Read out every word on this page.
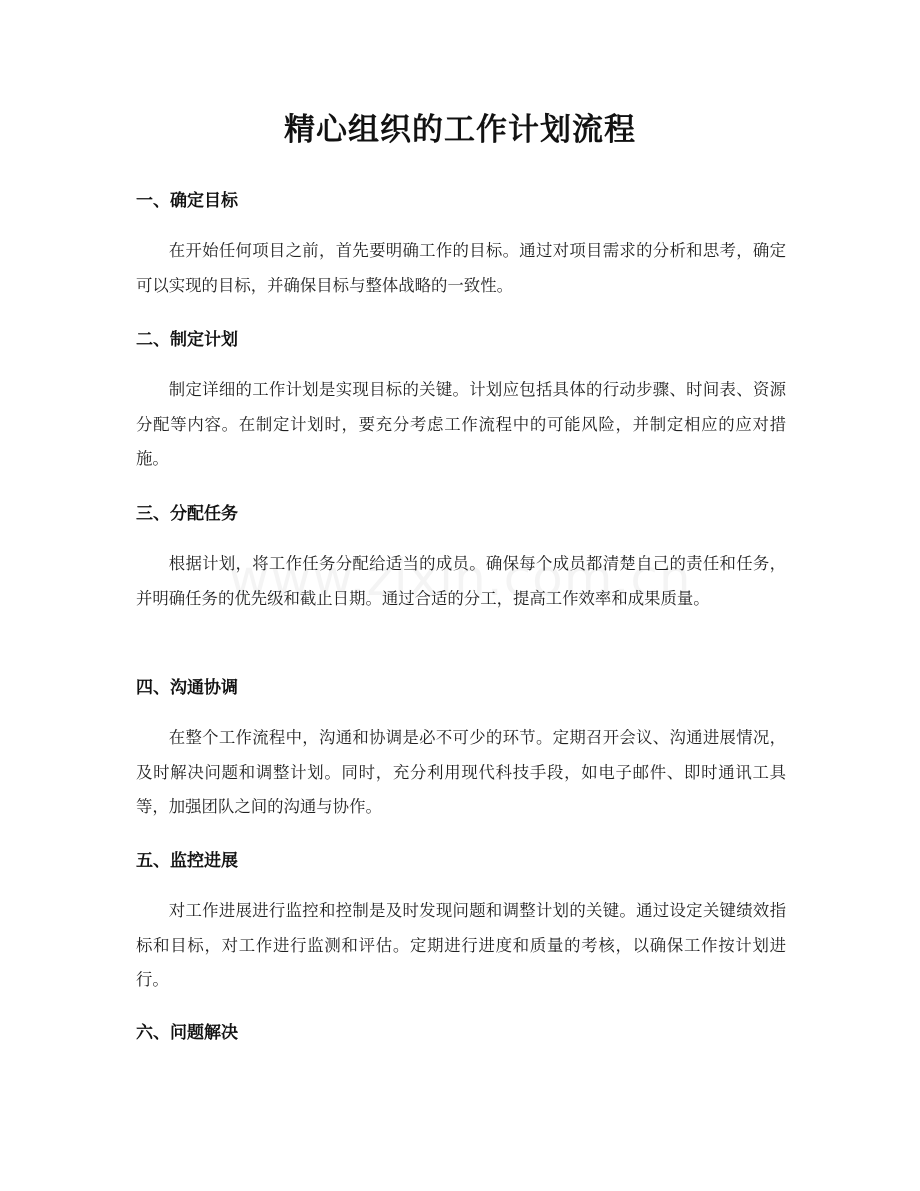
精心组织的工作计划流程
一、确定目标

在开始任何项目之前，首先要明确工作的目标。通过对项目需求的分析和思考，确定可以实现的目标，并确保目标与整体战略的一致性。

二、制定计划

制定详细的工作计划是实现目标的关键。计划应包括具体的行动步骤、时间表、资源分配等内容。在制定计划时，要充分考虑工作流程中的可能风险，并制定相应的应对措施。

三、分配任务

根据计划，将工作任务分配给适当的成员。确保每个成员都清楚自己的责任和任务，并明确任务的优先级和截止日期。通过合适的分工，提高工作效率和成果质量。

四、沟通协调

在整个工作流程中，沟通和协调是必不可少的环节。定期召开会议、沟通进展情况，及时解决问题和调整计划。同时，充分利用现代科技手段，如电子邮件、即时通讯工具等，加强团队之间的沟通与协作。

五、监控进展

对工作进展进行监控和控制是及时发现问题和调整计划的关键。通过设定关键绩效指标和目标，对工作进行监测和评估。定期进行进度和质量的考核，以确保工作按计划进行。

六、问题解决
